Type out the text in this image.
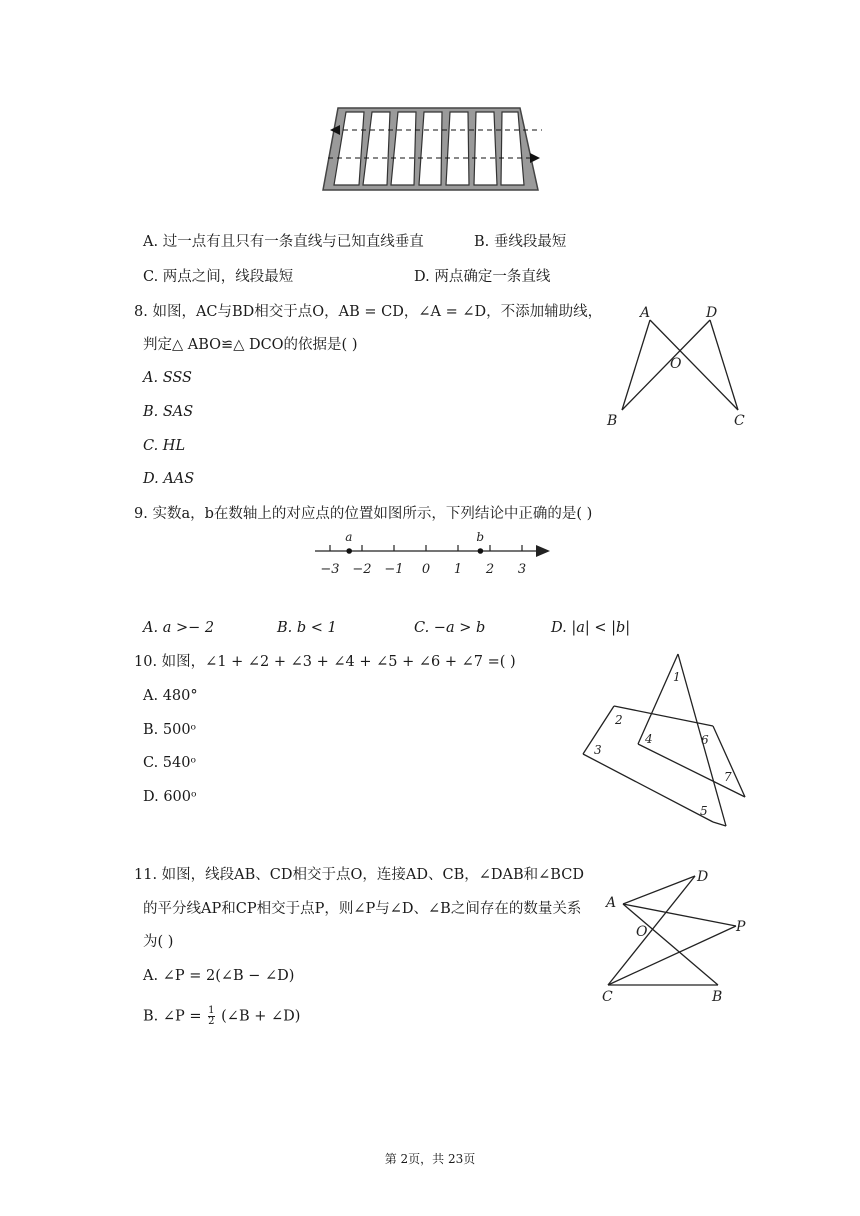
A. 过一点有且只有一条直线与已知直线垂直	B. 垂线段最短
C. 两点之间，线段最短	D. 两点确定一条直线
8. 如图，AC与BD相交于点O，AB = CD，∠A = ∠D，不添加辅助线，
判定△ ABO≌△ DCO的依据是( )
A. SSS
B. SAS
C. HL
D. AAS
A	D
O
B	C
9. 实数a，b在数轴上的对应点的位置如图所示，下列结论中正确的是( )
−3 −2 −1 0 1 2 3
a	b
A. a >− 2	B. b < 1	C. −a > b	D. |a| < |b|
10. 如图，∠1 + ∠2 + ∠3 + ∠4 + ∠5 + ∠6 + ∠7 =( )
A. 480°
B. 500ᵒ
C. 540ᵒ
D. 600ᵒ
1
2
3
4
5
6
7
11. 如图，线段AB、CD相交于点O，连接AD、CB，∠DAB和∠BCD
的平分线AP和CP相交于点P，则∠P与∠D、∠B之间存在的数量关系
为( )
A. ∠P = 2(∠B − ∠D)
B. ∠P = $\frac{1}{2}$ (∠B + ∠D)
D
A
P
O
C	B
第 2页，共 23页
